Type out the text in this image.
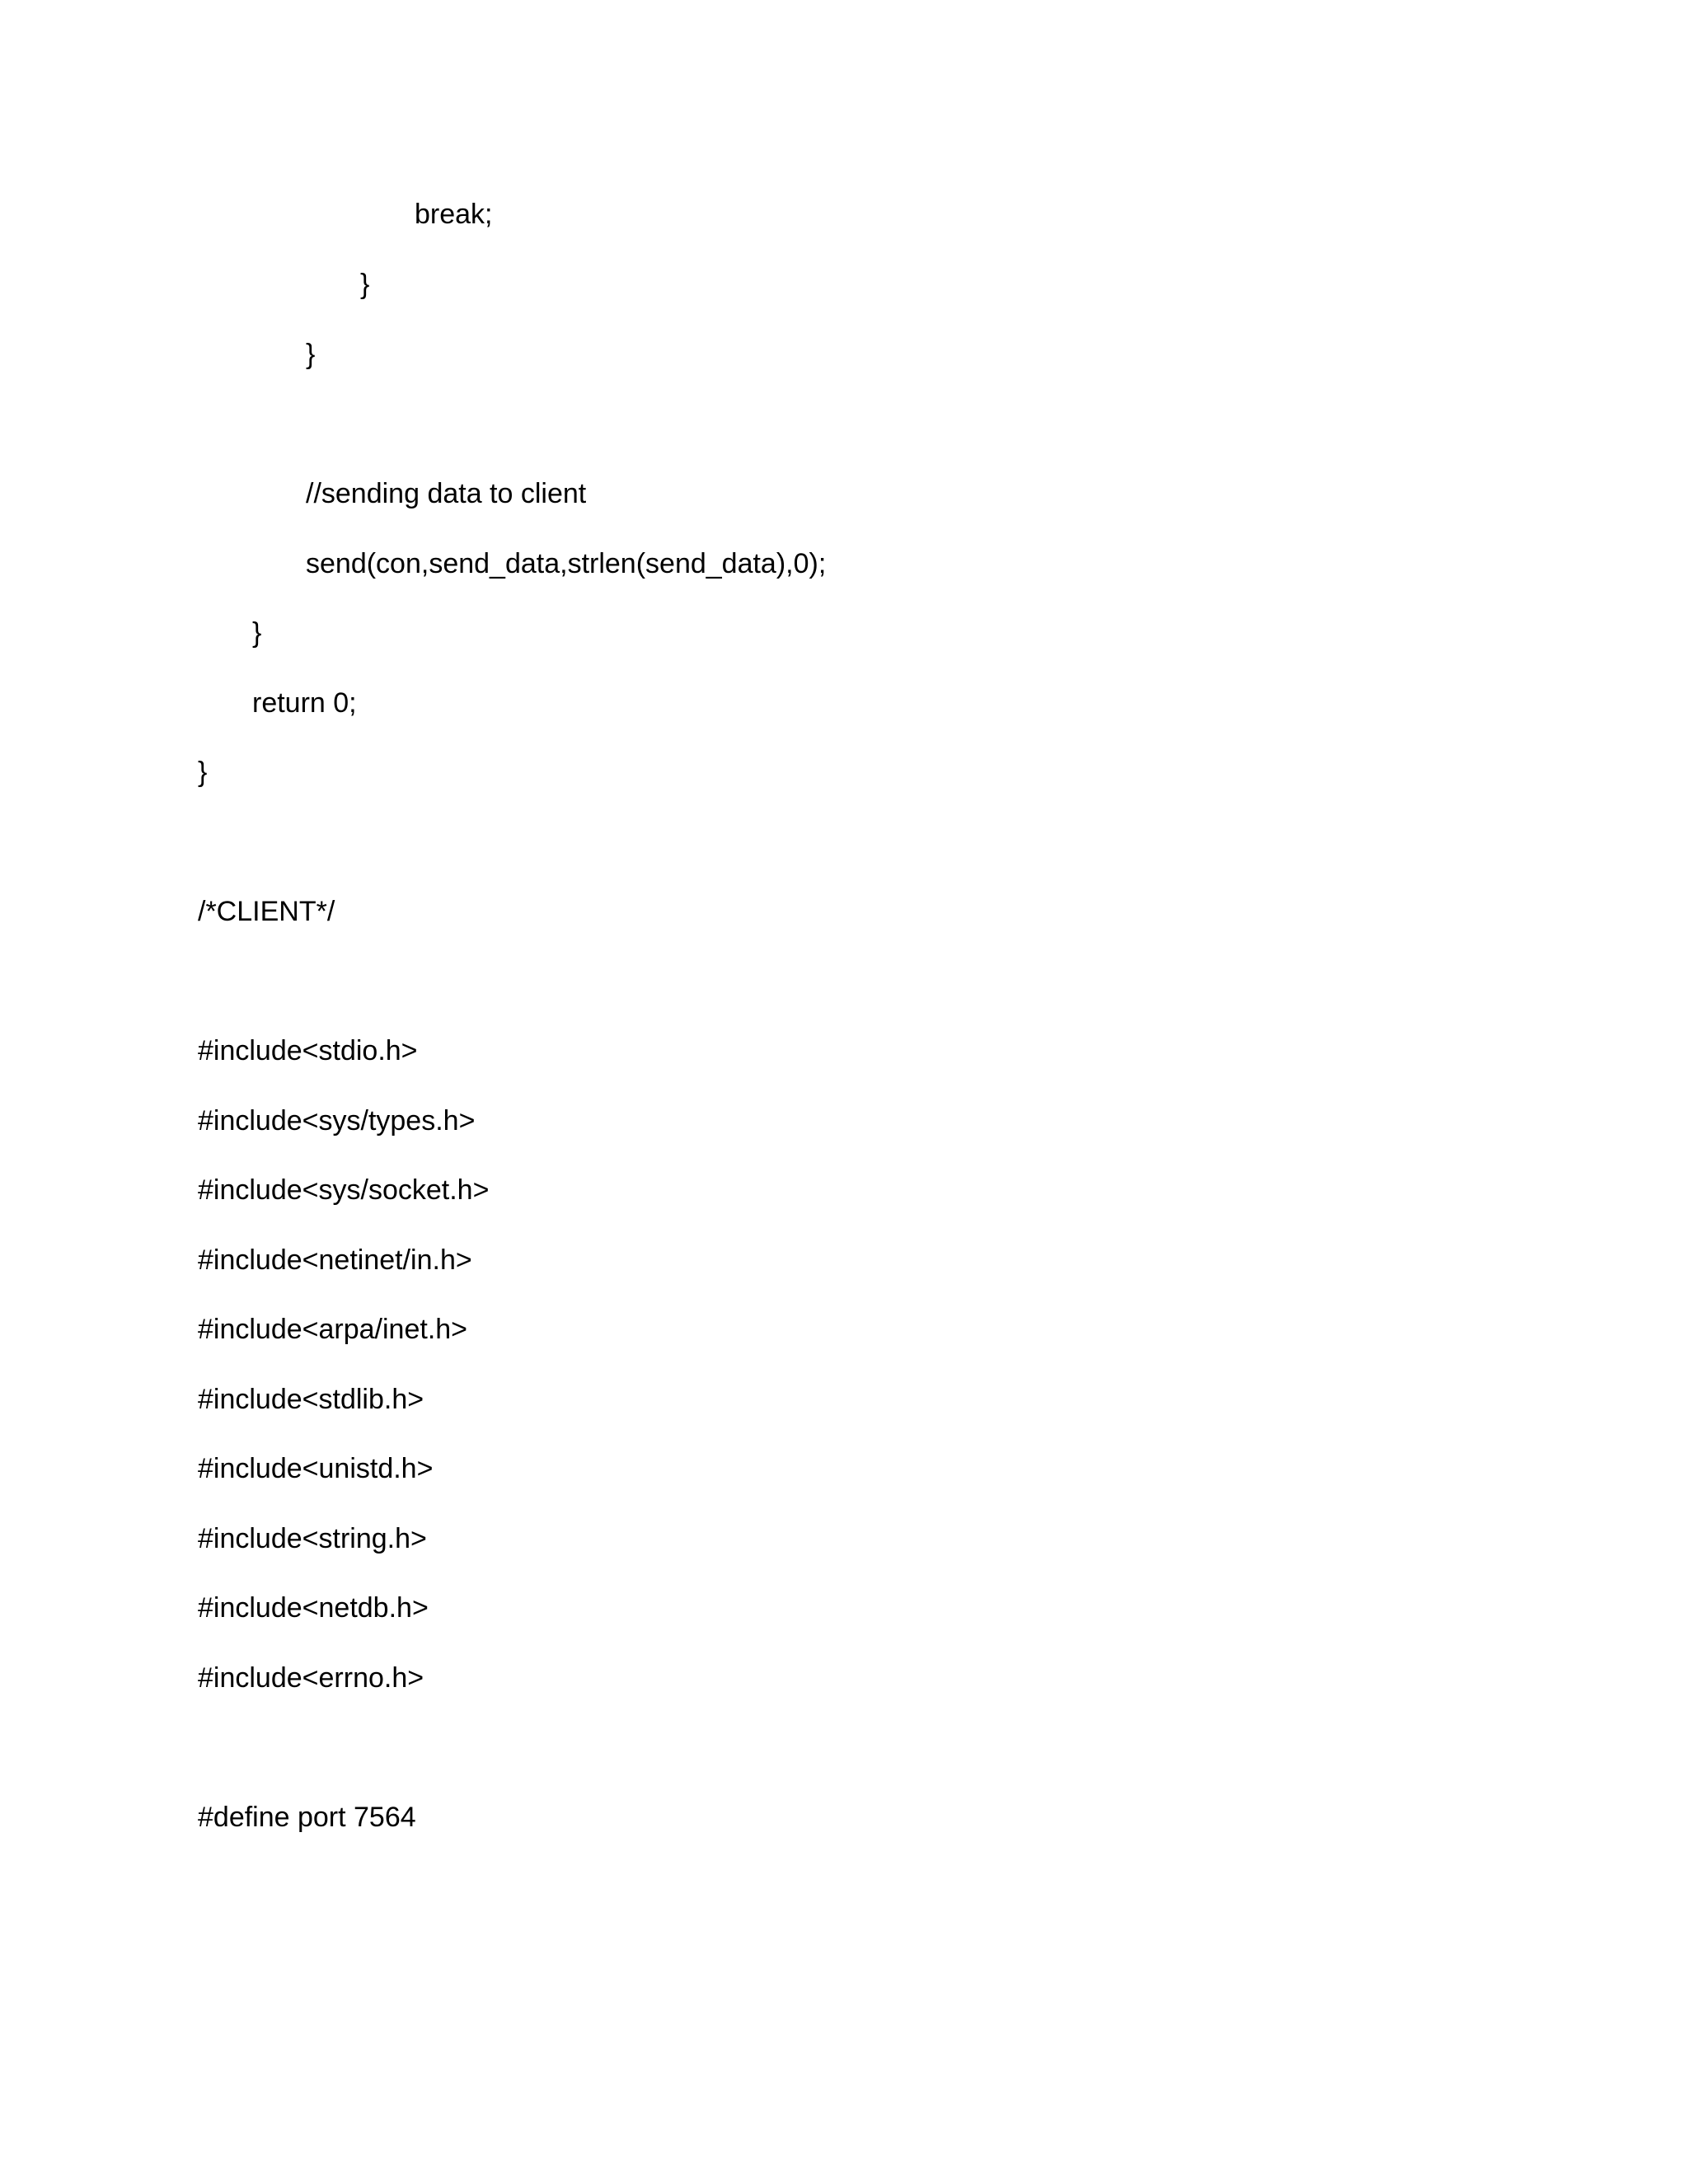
break;
}
}
//sending data to client
send(con,send_data,strlen(send_data),0);
}
return 0;
}
/*CLIENT*/
#include<stdio.h>
#include<sys/types.h>
#include<sys/socket.h>
#include<netinet/in.h>
#include<arpa/inet.h>
#include<stdlib.h>
#include<unistd.h>
#include<string.h>
#include<netdb.h>
#include<errno.h>
#define port 7564
